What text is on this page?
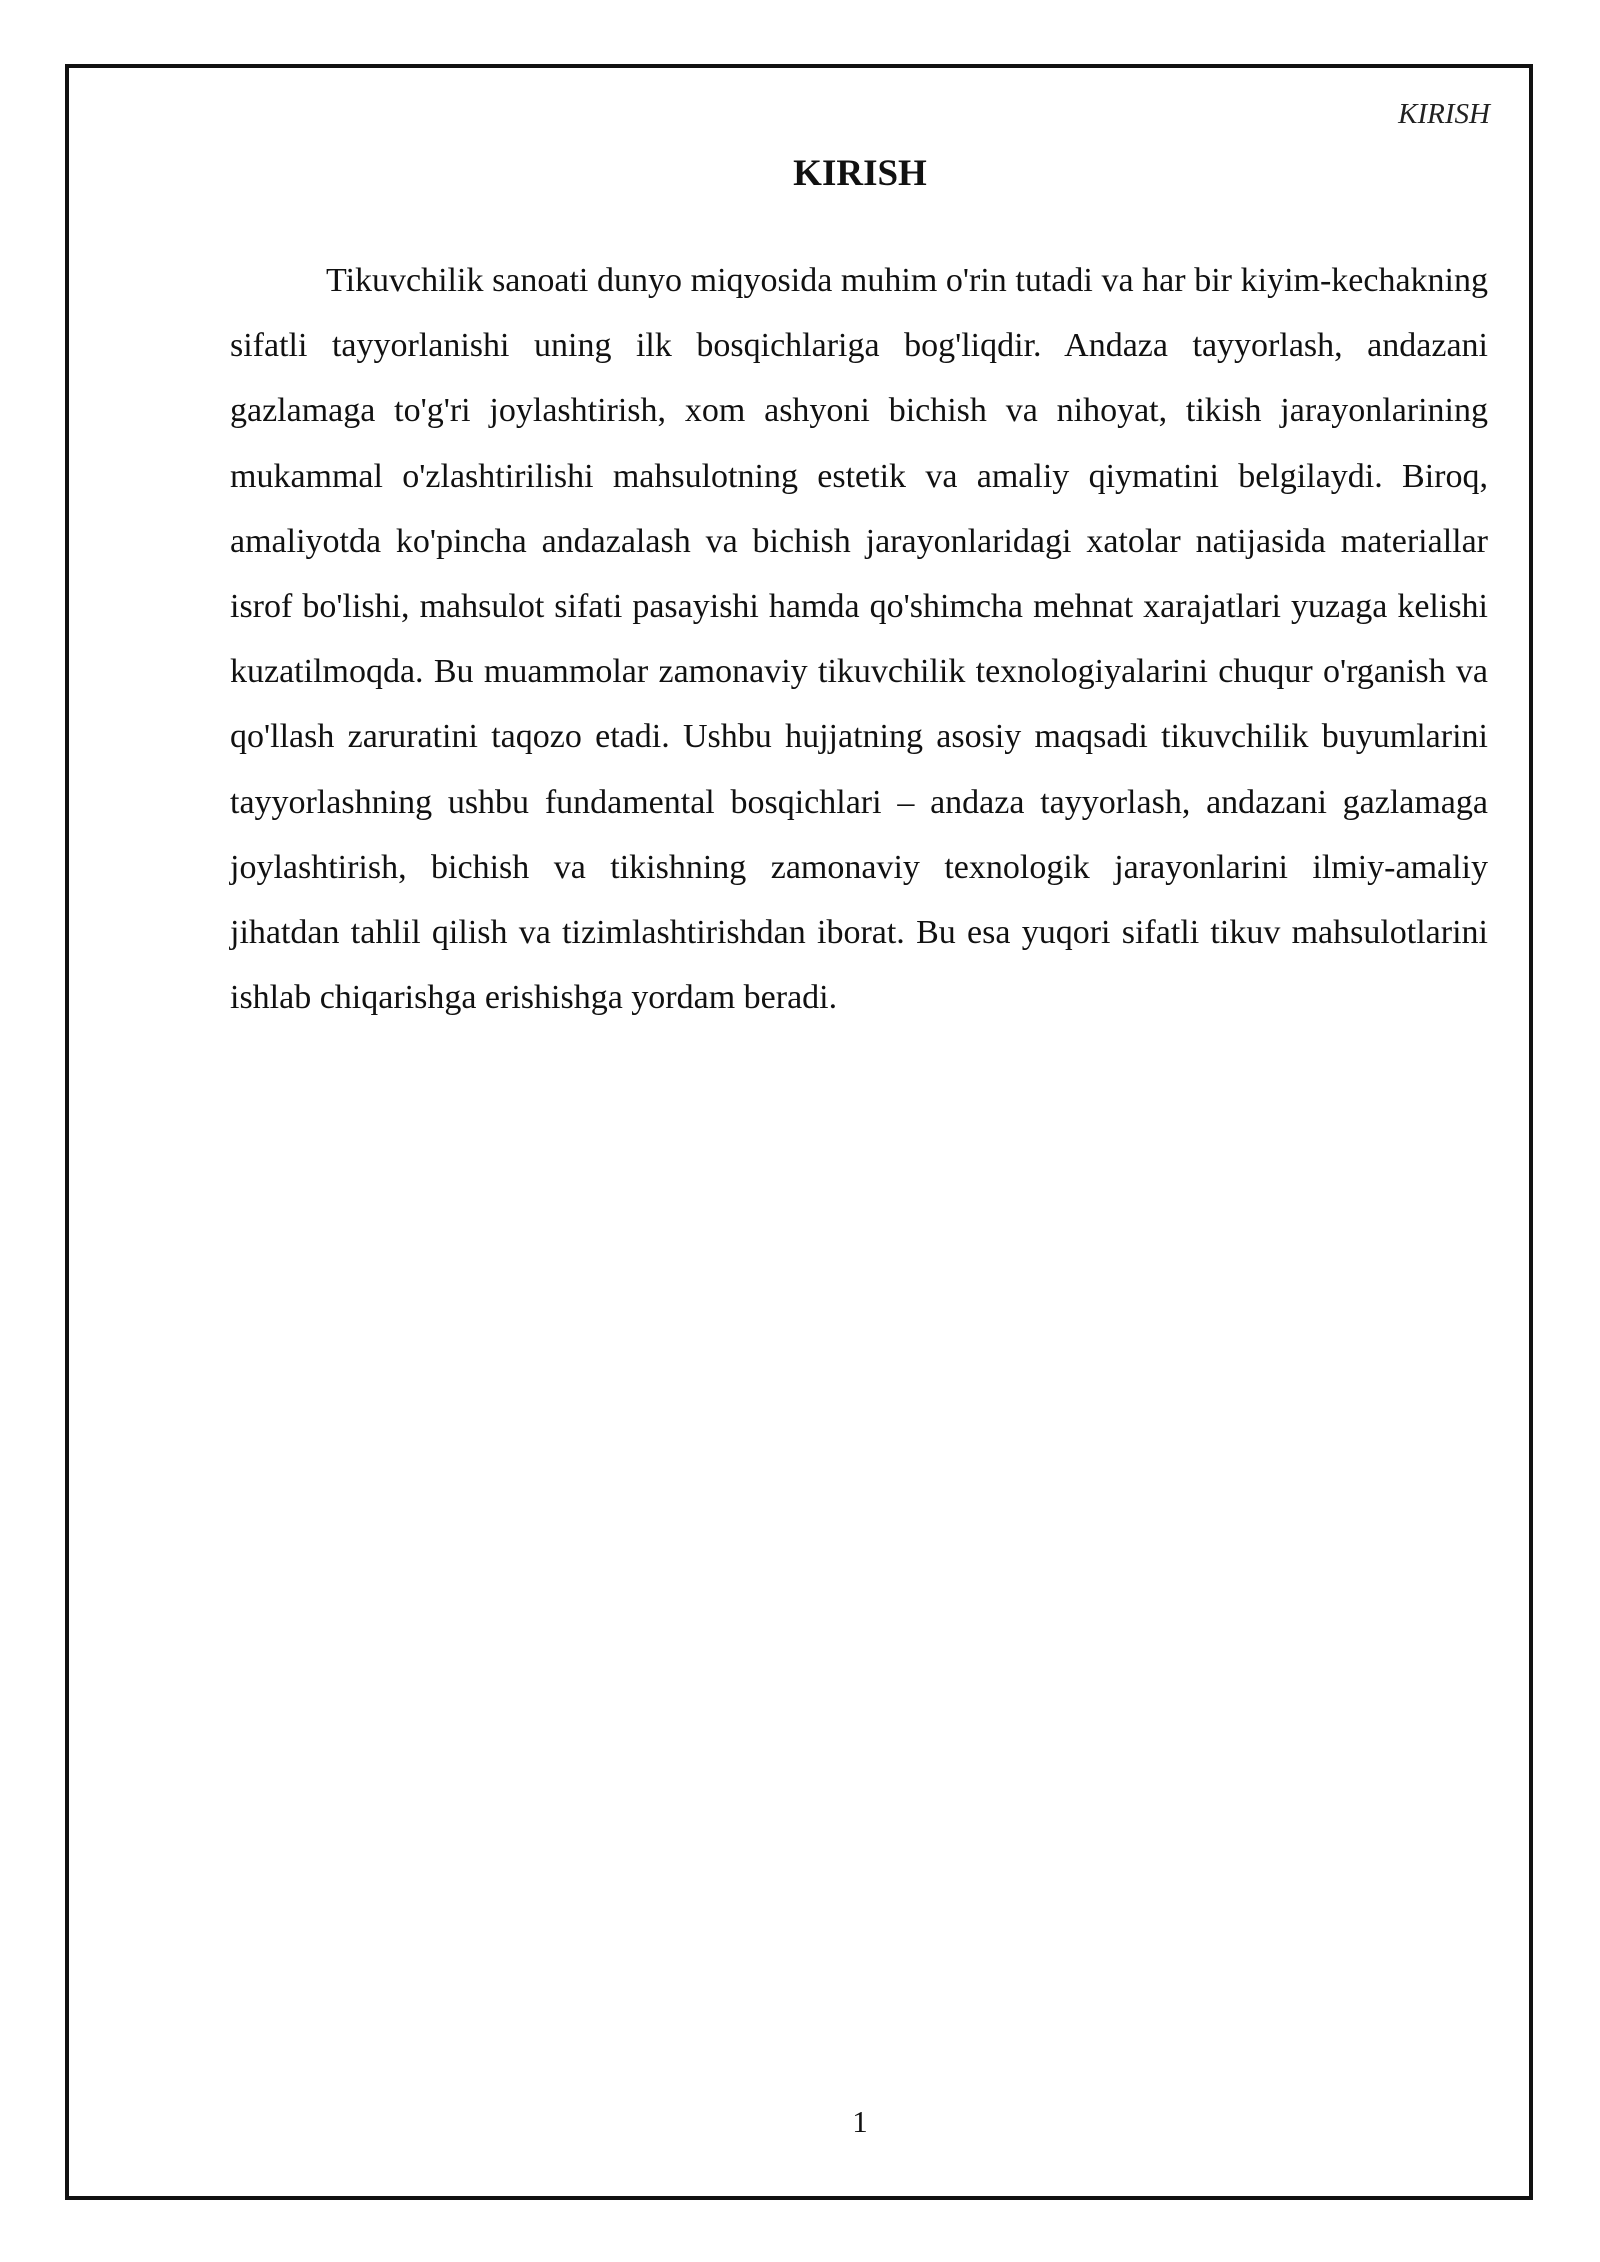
KIRISH
KIRISH

Tikuvchilik sanoati dunyo miqyosida muhim o'rin tutadi va har bir kiyim-kechakning sifatli tayyorlanishi uning ilk bosqichlariga bog'liqdir. Andaza tayyorlash, andazani gazlamaga to'g'ri joylashtirish, xom ashyoni bichish va nihoyat, tikish jarayonlarining mukammal o'zlashtirilishi mahsulotning estetik va amaliy qiymatini belgilaydi. Biroq, amaliyotda ko'pincha andazalash va bichish jarayonlaridagi xatolar natijasida materiallar isrof bo'lishi, mahsulot sifati pasayishi hamda qo'shimcha mehnat xarajatlari yuzaga kelishi kuzatilmoqda. Bu muammolar zamonaviy tikuvchilik texnologiyalarini chuqur o'rganish va qo'llash zaruratini taqozo etadi. Ushbu hujjatning asosiy maqsadi tikuvchilik buyumlarini tayyorlashning ushbu fundamental bosqichlari – andaza tayyorlash, andazani gazlamaga joylashtirish, bichish va tikishning zamonaviy texnologik jarayonlarini ilmiy-amaliy jihatdan tahlil qilish va tizimlashtirishdan iborat. Bu esa yuqori sifatli tikuv mahsulotlarini ishlab chiqarishga erishishga yordam beradi.

1
